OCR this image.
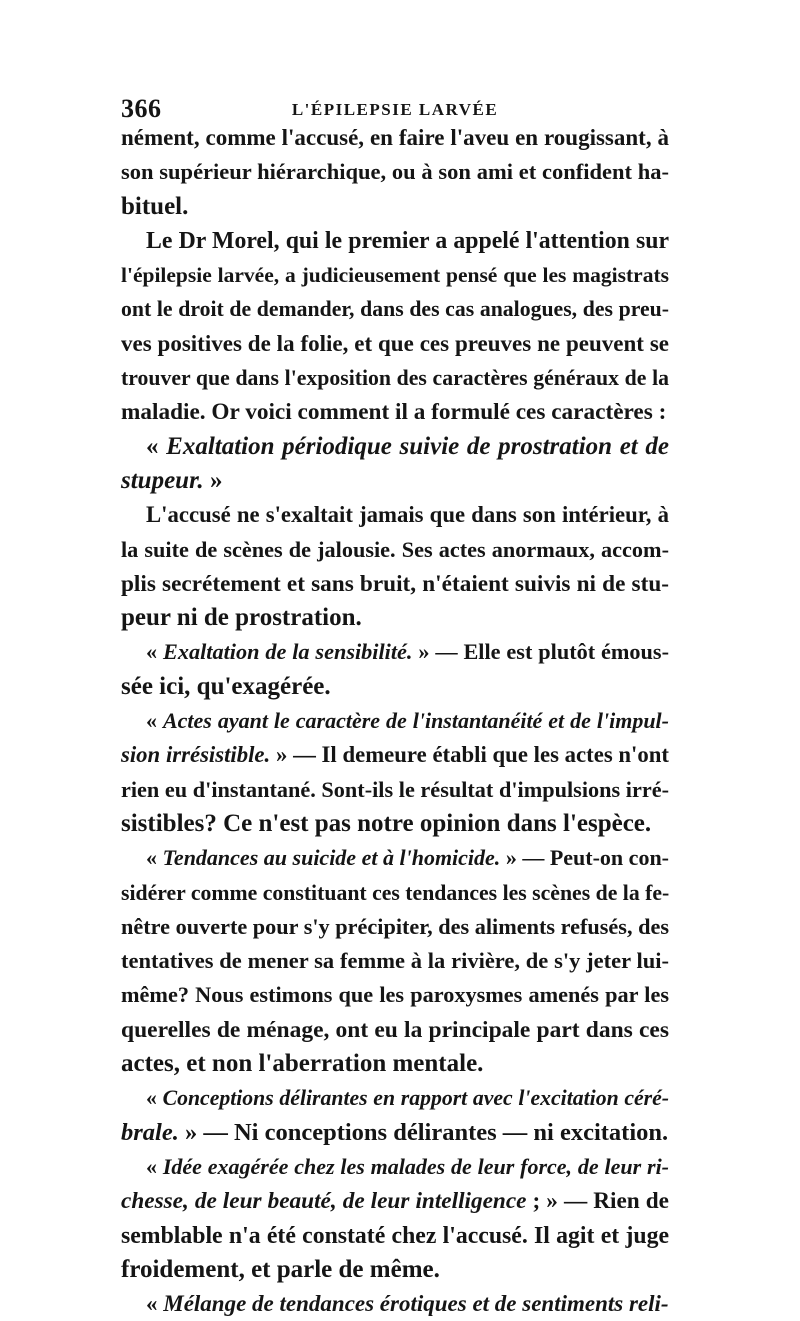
366	L'ÉPILEPSIE LARVÉE
nément, comme l'accusé, en faire l'aveu en rougissant, à
son supérieur hiérarchique, ou à son ami et confident ha-
bituel.
Le Dr Morel, qui le premier a appelé l'attention sur
l'épilepsie larvée, a judicieusement pensé que les magistrats
ont le droit de demander, dans des cas analogues, des preu-
ves positives de la folie, et que ces preuves ne peuvent se
trouver que dans l'exposition des caractères généraux de la
maladie. Or voici comment il a formulé ces caractères :
« Exaltation périodique suivie de prostration et de
stupeur. »
L'accusé ne s'exaltait jamais que dans son intérieur, à
la suite de scènes de jalousie. Ses actes anormaux, accom-
plis secrétement et sans bruit, n'étaient suivis ni de stu-
peur ni de prostration.
« Exaltation de la sensibilité. » — Elle est plutôt émous-
sée ici, qu'exagérée.
« Actes ayant le caractère de l'instantanéité et de l'impul-
sion irrésistible. » — Il demeure établi que les actes n'ont
rien eu d'instantané. Sont-ils le résultat d'impulsions irré-
sistibles? Ce n'est pas notre opinion dans l'espèce.
« Tendances au suicide et à l'homicide. » — Peut-on con-
sidérer comme constituant ces tendances les scènes de la fe-
nêtre ouverte pour s'y précipiter, des aliments refusés, des
tentatives de mener sa femme à la rivière, de s'y jeter lui-
même? Nous estimons que les paroxysmes amenés par les
querelles de ménage, ont eu la principale part dans ces
actes, et non l'aberration mentale.
« Conceptions délirantes en rapport avec l'excitation céré-
brale. » — Ni conceptions délirantes — ni excitation.
« Idée exagérée chez les malades de leur force, de leur ri-
chesse, de leur beauté, de leur intelligence ; » — Rien de
semblable n'a été constaté chez l'accusé. Il agit et juge
froidement, et parle de même.
« Mélange de tendances érotiques et de sentiments reli-
